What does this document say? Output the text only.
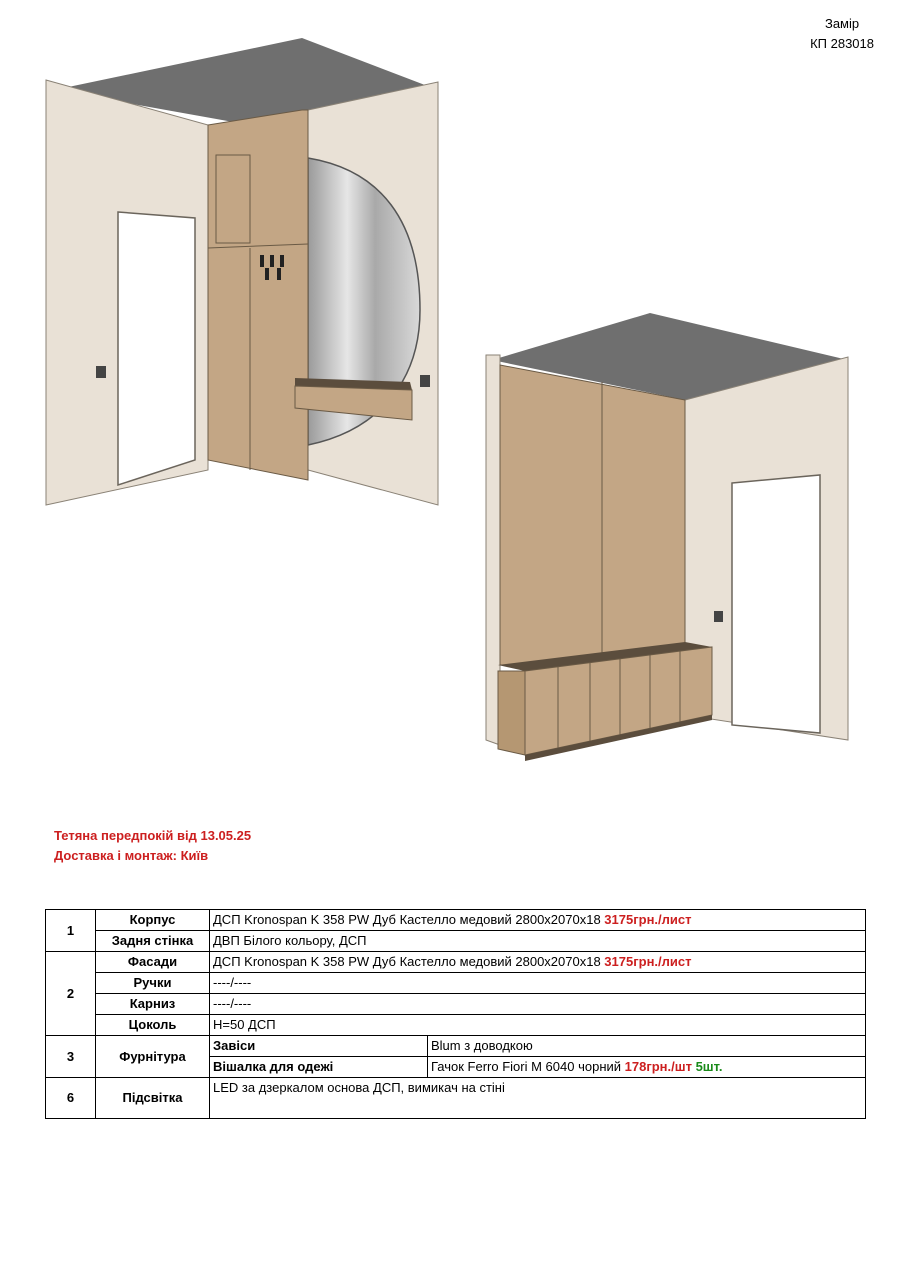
Замір
КП 283018
Тетяна передпокій від 13.05.25
Доставка і монтаж: Київ
1	Корпус	ДСП Kronospan K 358 PW Дуб Кастелло медовий 2800x2070x18 3175грн./лист	
	Задня стінка	ДВП Білого кольору, ДСП	
2	Фасади	ДСП Kronospan K 358 PW Дуб Кастелло медовий 2800x2070x18 3175грн./лист	
	Ручки	----/----	
	Карниз	----/----	
	Цоколь	H=50 ДСП	
3	Фурнітура	Завіси	Blum з доводкою
		Вішалка для одежі	Гачок Ferro Fiori M 6040 чорний 178грн./шт 5шт.
6	Підсвітка	LED за дзеркалом основа ДСП, вимикач на стіні	
